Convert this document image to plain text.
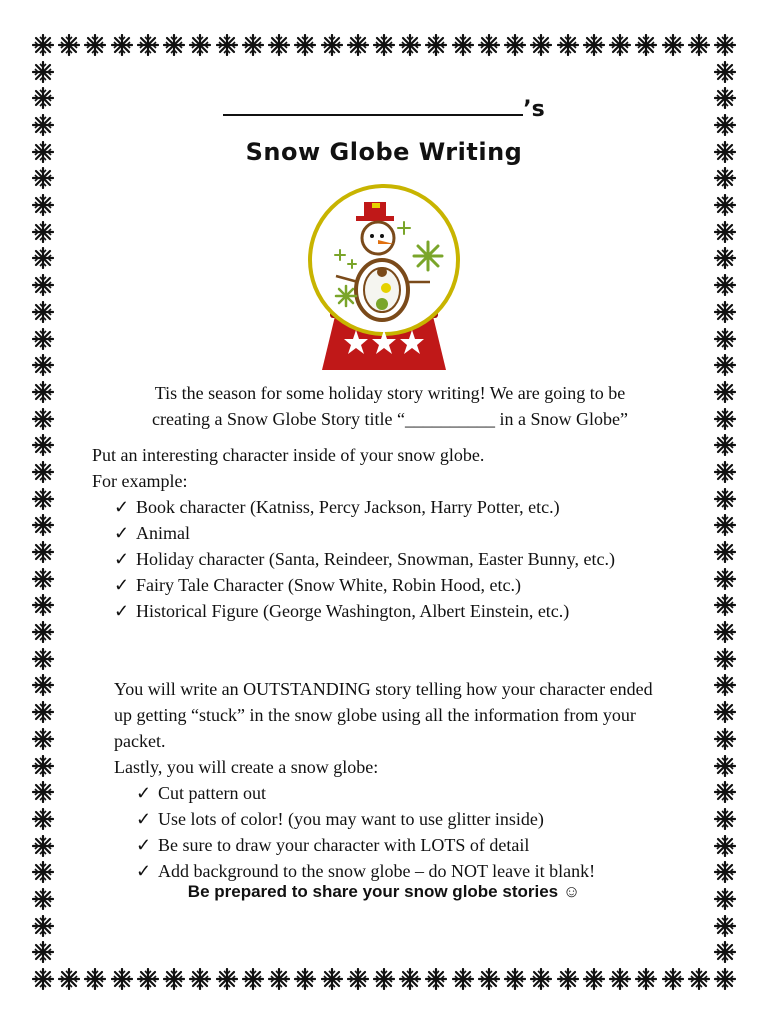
’s
Snow Globe Writing
Tis the season for some holiday story writing! We are going to be
creating a Snow Globe Story title “__________ in a Snow Globe”
Put an interesting character inside of your snow globe.
For example:
✓ Book character (Katniss, Percy Jackson, Harry Potter, etc.)
✓ Animal
✓ Holiday character (Santa, Reindeer, Snowman, Easter Bunny, etc.)
✓ Fairy Tale Character (Snow White, Robin Hood, etc.)
✓ Historical Figure (George Washington, Albert Einstein, etc.)
You will write an OUTSTANDING story telling how your character ended up getting “stuck” in the snow globe using all the information from your packet.
Lastly, you will create a snow globe:
✓ Cut pattern out
✓ Use lots of color! (you may want to use glitter inside)
✓ Be sure to draw your character with LOTS of detail
✓ Add background to the snow globe – do NOT leave it blank!
Be prepared to share your snow globe stories ☺
